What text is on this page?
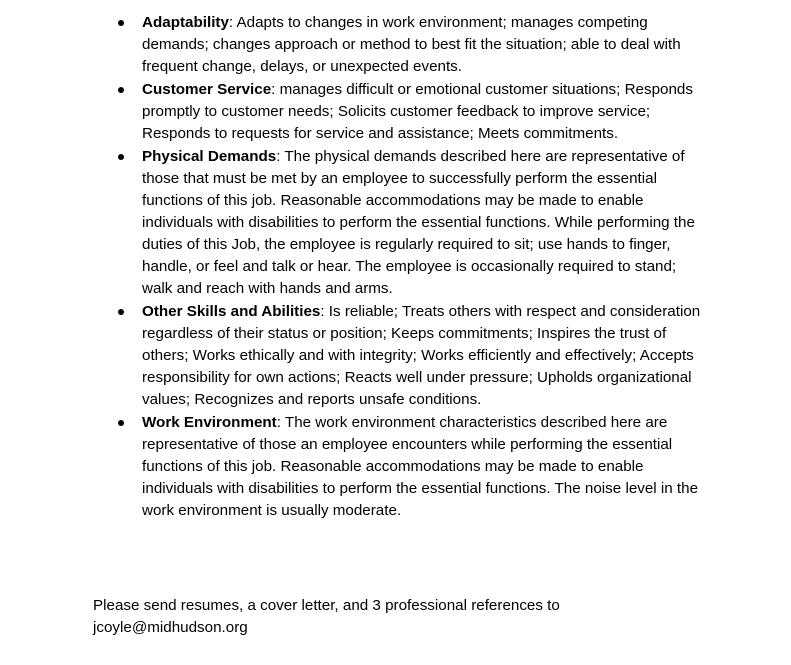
Adaptability: Adapts to changes in work environment; manages competing demands; changes approach or method to best fit the situation; able to deal with frequent change, delays, or unexpected events.
Customer Service: manages difficult or emotional customer situations; Responds promptly to customer needs; Solicits customer feedback to improve service; Responds to requests for service and assistance; Meets commitments.
Physical Demands: The physical demands described here are representative of those that must be met by an employee to successfully perform the essential functions of this job. Reasonable accommodations may be made to enable individuals with disabilities to perform the essential functions. While performing the duties of this Job, the employee is regularly required to sit; use hands to finger, handle, or feel and talk or hear. The employee is occasionally required to stand; walk and reach with hands and arms.
Other Skills and Abilities: Is reliable; Treats others with respect and consideration regardless of their status or position; Keeps commitments; Inspires the trust of others; Works ethically and with integrity; Works efficiently and effectively; Accepts responsibility for own actions; Reacts well under pressure; Upholds organizational values; Recognizes and reports unsafe conditions.
Work Environment: The work environment characteristics described here are representative of those an employee encounters while performing the essential functions of this job. Reasonable accommodations may be made to enable individuals with disabilities to perform the essential functions. The noise level in the work environment is usually moderate.
Please send resumes, a cover letter, and 3 professional references to
jcoyle@midhudson.org
